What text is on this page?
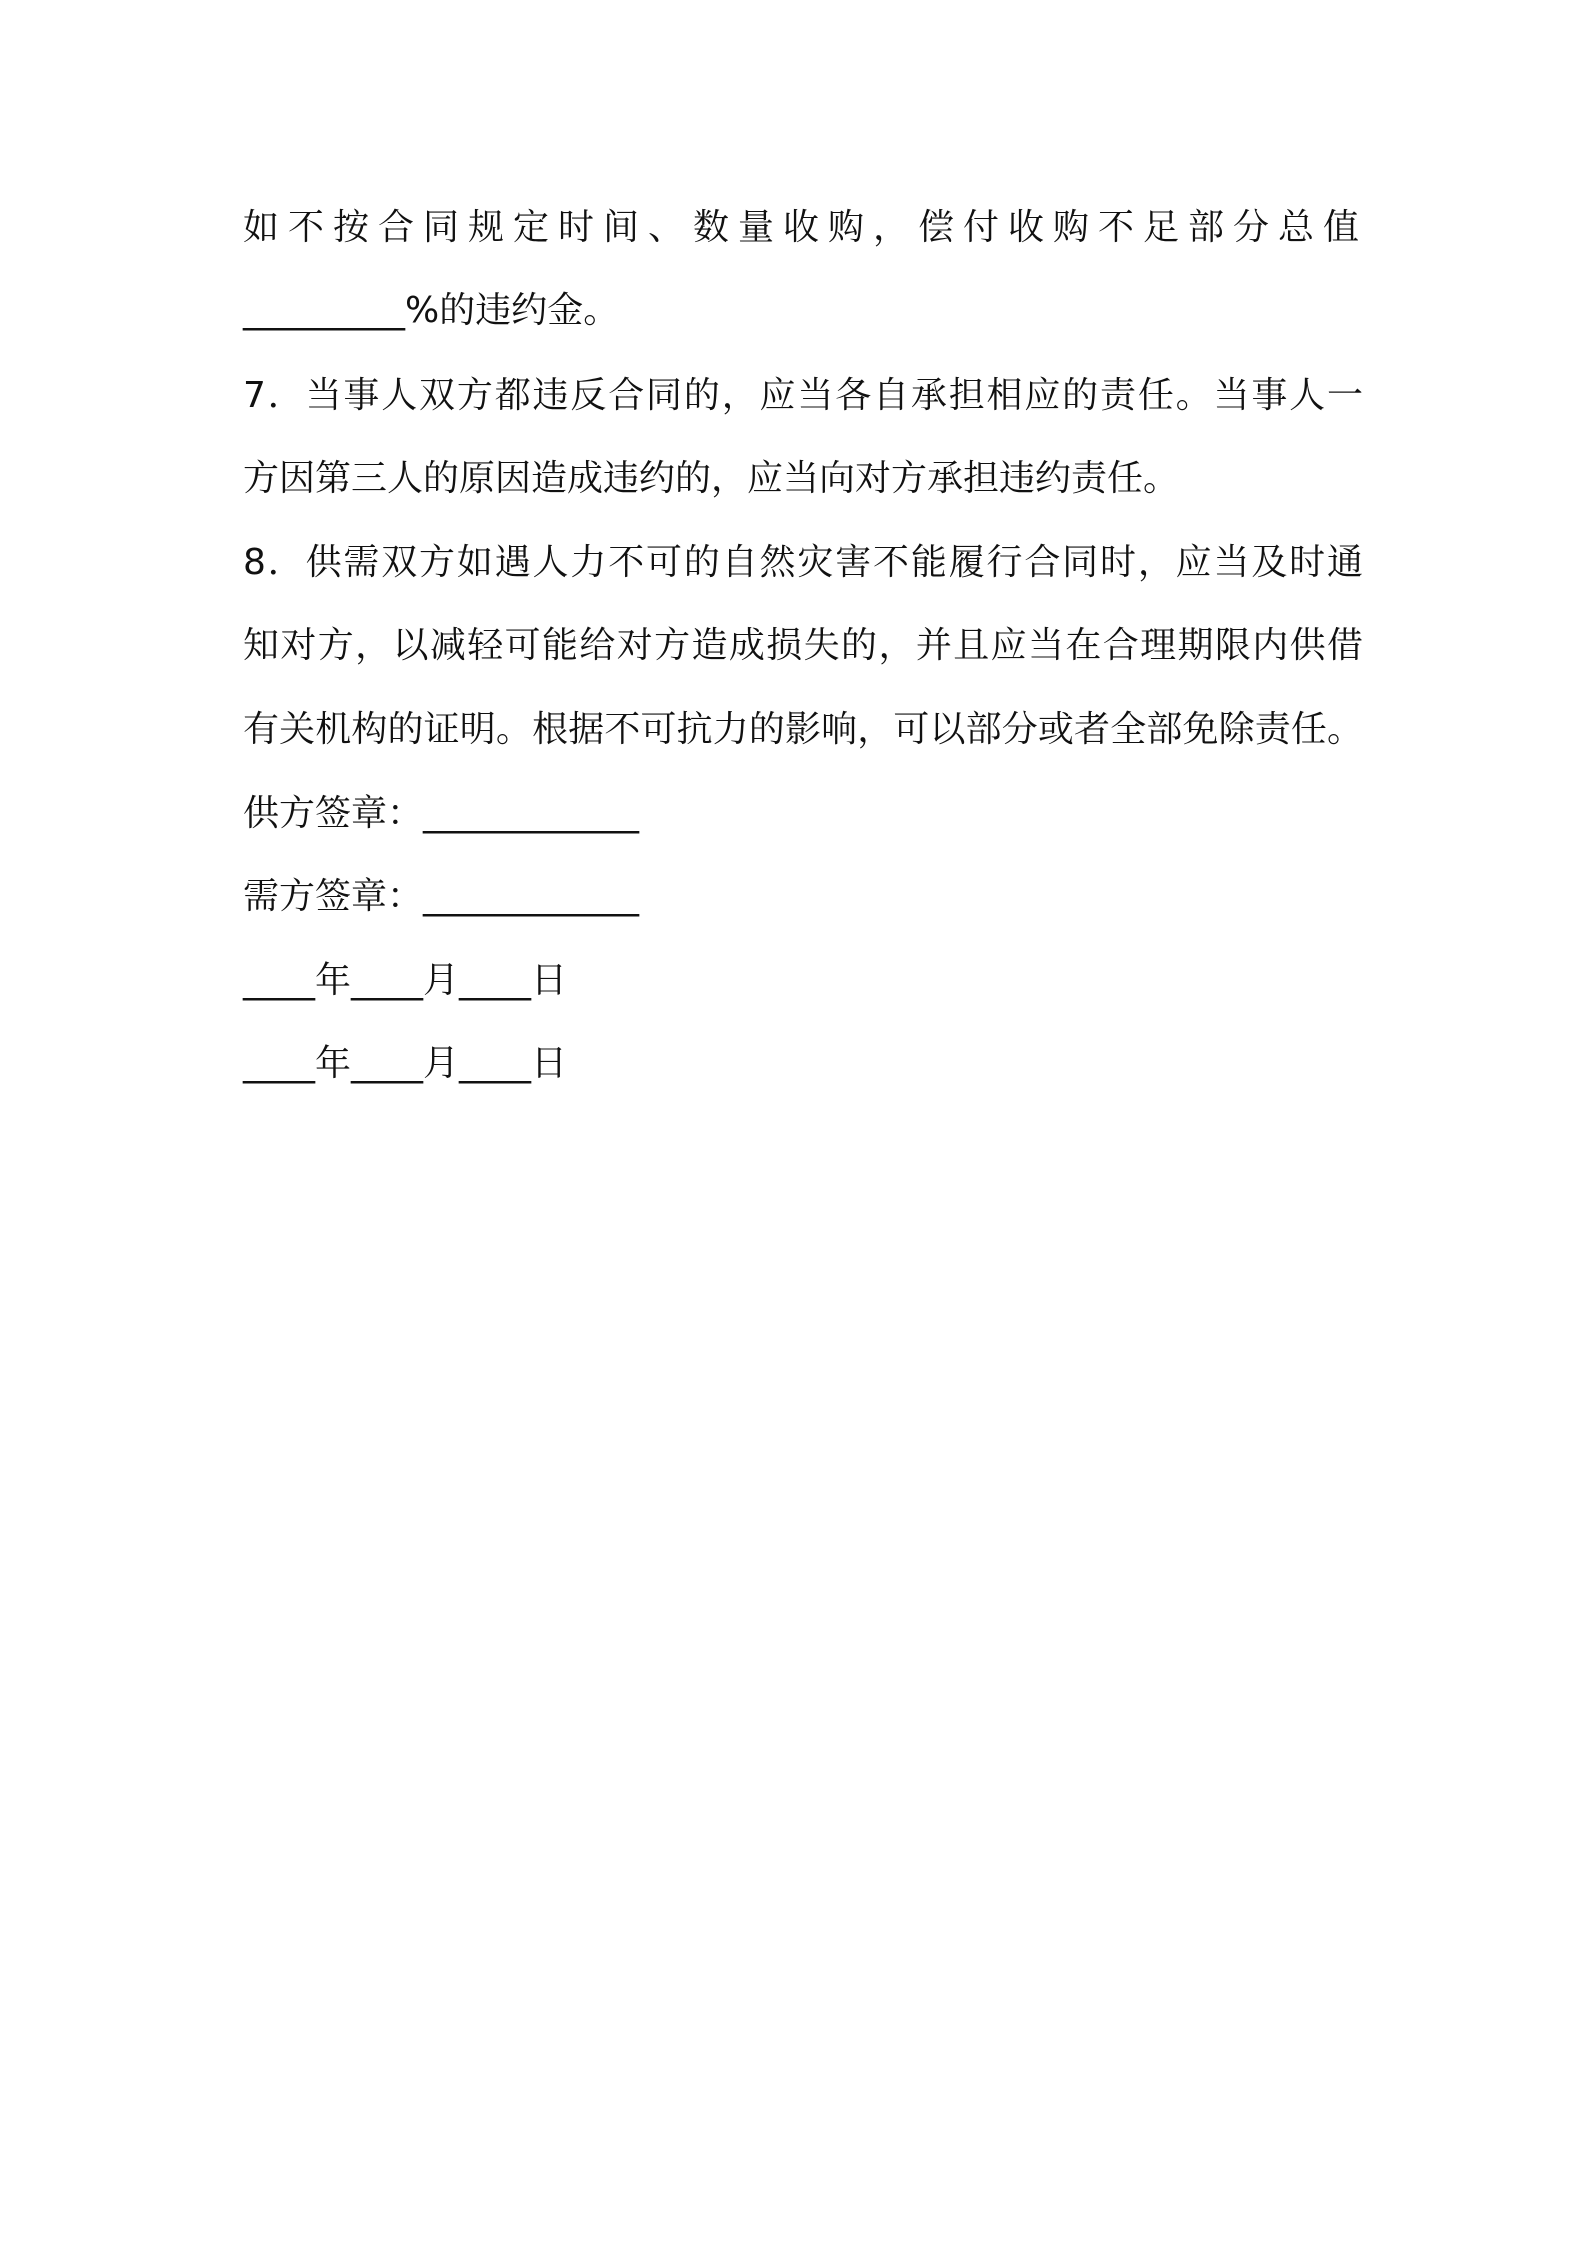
如不按合同规定时间、数量收购，偿付收购不足部分总值
_________%的违约金。
7．当事人双方都违反合同的，应当各自承担相应的责任。当事人一
方因第三人的原因造成违约的，应当向对方承担违约责任。
8．供需双方如遇人力不可的自然灾害不能履行合同时，应当及时通
知对方，以减轻可能给对方造成损失的，并且应当在合理期限内供借
有关机构的证明。根据不可抗力的影响，可以部分或者全部免除责任。
供方签章：____________
需方签章：____________
____年____月____日
____年____月____日
